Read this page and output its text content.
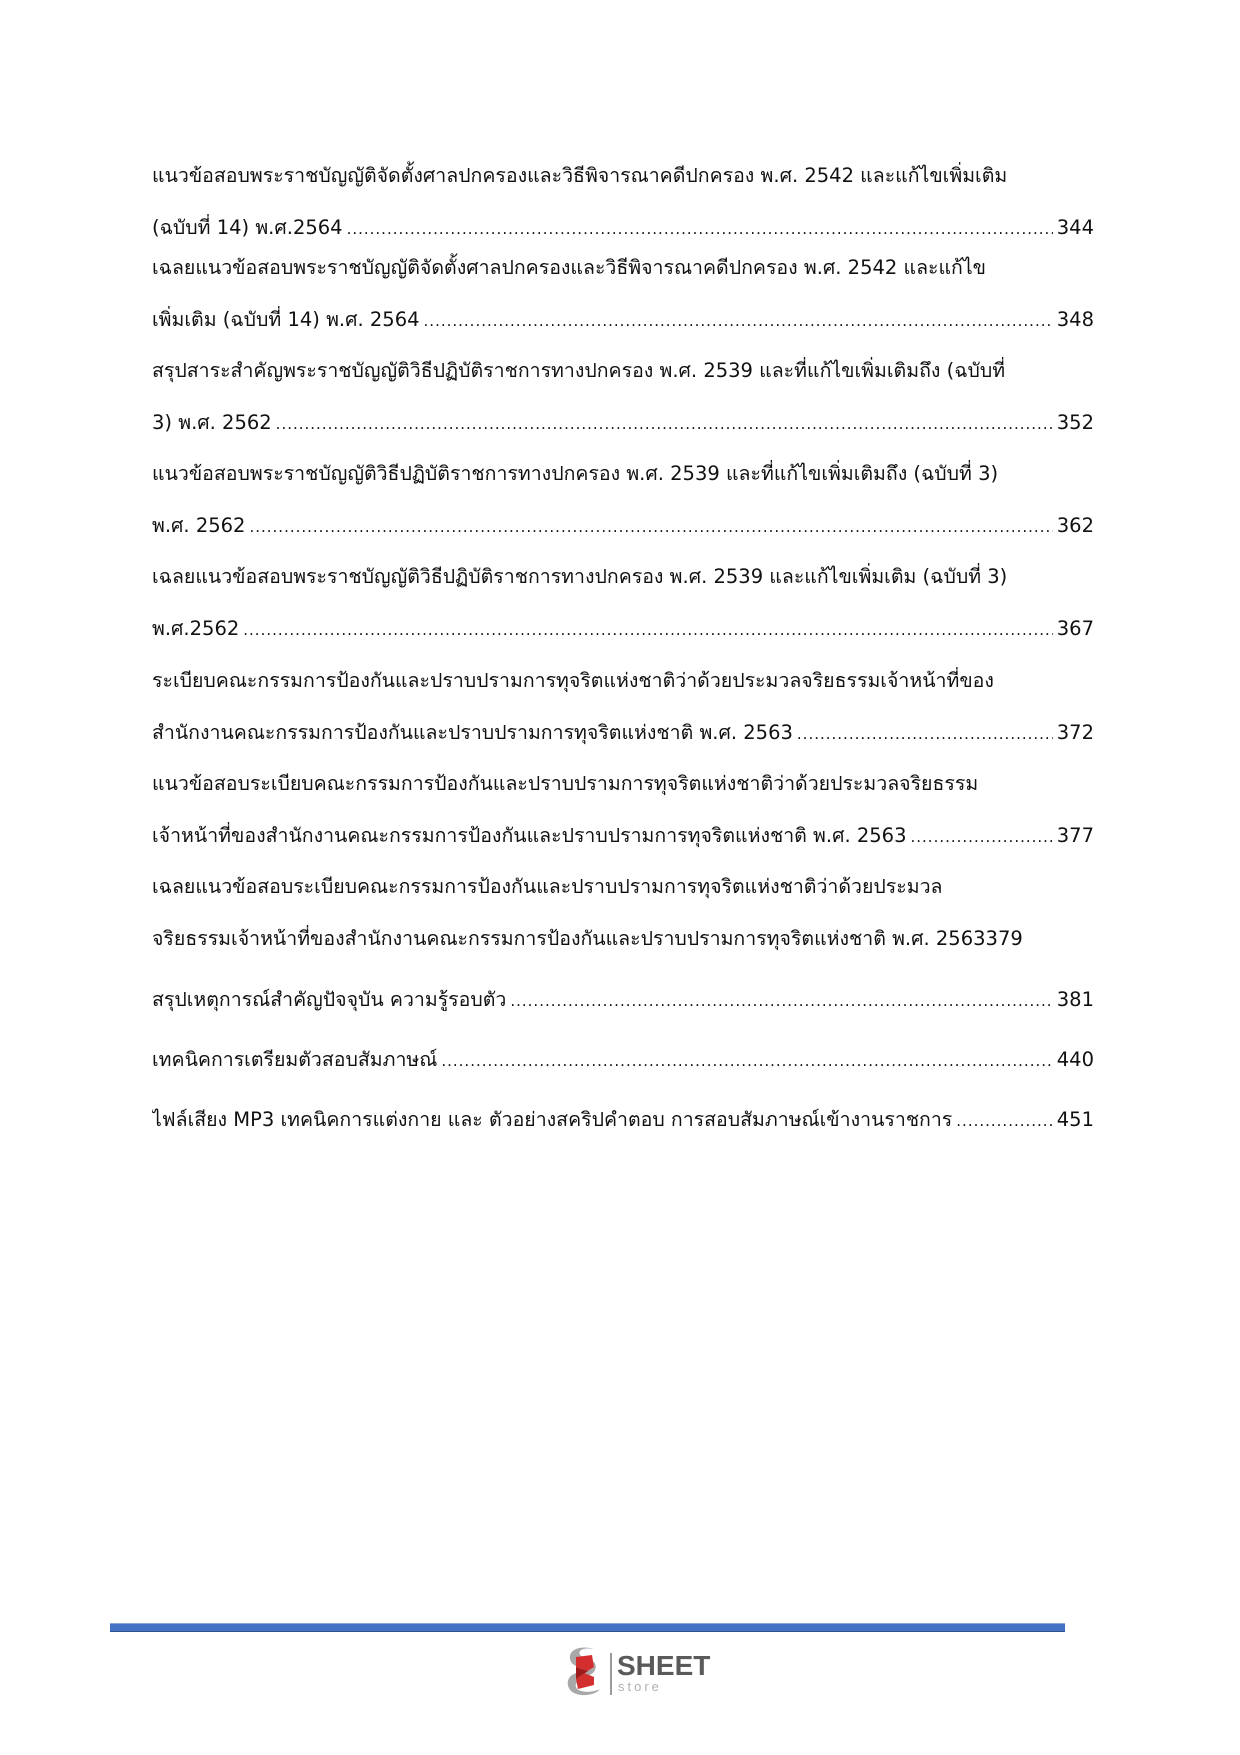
แนวข้อสอบพระราชบัญญัติจัดตั้งศาลปกครองและวิธีพิจารณาคดีปกครอง พ.ศ. 2542 และแก้ไขเพิ่มเติม
(ฉบับที่ 14) พ.ศ.2564 .....	344
เฉลยแนวข้อสอบพระราชบัญญัติจัดตั้งศาลปกครองและวิธีพิจารณาคดีปกครอง พ.ศ. 2542 และแก้ไข
เพิ่มเติม (ฉบับที่ 14) พ.ศ. 2564 .....	348
สรุปสาระสำคัญพระราชบัญญัติวิธีปฏิบัติราชการทางปกครอง พ.ศ. 2539 และที่แก้ไขเพิ่มเติมถึง (ฉบับที่
3) พ.ศ. 2562 .....	352
แนวข้อสอบพระราชบัญญัติวิธีปฏิบัติราชการทางปกครอง พ.ศ. 2539 และที่แก้ไขเพิ่มเติมถึง (ฉบับที่ 3)
พ.ศ. 2562 .....	362
เฉลยแนวข้อสอบพระราชบัญญัติวิธีปฏิบัติราชการทางปกครอง พ.ศ. 2539 และแก้ไขเพิ่มเติม (ฉบับที่ 3)
พ.ศ.2562 .....	367
ระเบียบคณะกรรมการป้องกันและปราบปรามการทุจริตแห่งชาติว่าด้วยประมวลจริยธรรมเจ้าหน้าที่ของ
สำนักงานคณะกรรมการป้องกันและปราบปรามการทุจริตแห่งชาติ พ.ศ. 2563 .....	372
แนวข้อสอบระเบียบคณะกรรมการป้องกันและปราบปรามการทุจริตแห่งชาติว่าด้วยประมวลจริยธรรม
เจ้าหน้าที่ของสำนักงานคณะกรรมการป้องกันและปราบปรามการทุจริตแห่งชาติ พ.ศ. 2563 .....	377
เฉลยแนวข้อสอบระเบียบคณะกรรมการป้องกันและปราบปรามการทุจริตแห่งชาติว่าด้วยประมวล
จริยธรรมเจ้าหน้าที่ของสำนักงานคณะกรรมการป้องกันและปราบปรามการทุจริตแห่งชาติ พ.ศ. 2563 379
สรุปเหตุการณ์สำคัญปัจจุบัน ความรู้รอบตัว .....	381
เทคนิคการเตรียมตัวสอบสัมภาษณ์ .....	440
ไฟล์เสียง MP3 เทคนิคการแต่งกาย และ ตัวอย่างสคริปคำตอบ การสอบสัมภาษณ์เข้างานราชการ .....	451
SHEET
store
